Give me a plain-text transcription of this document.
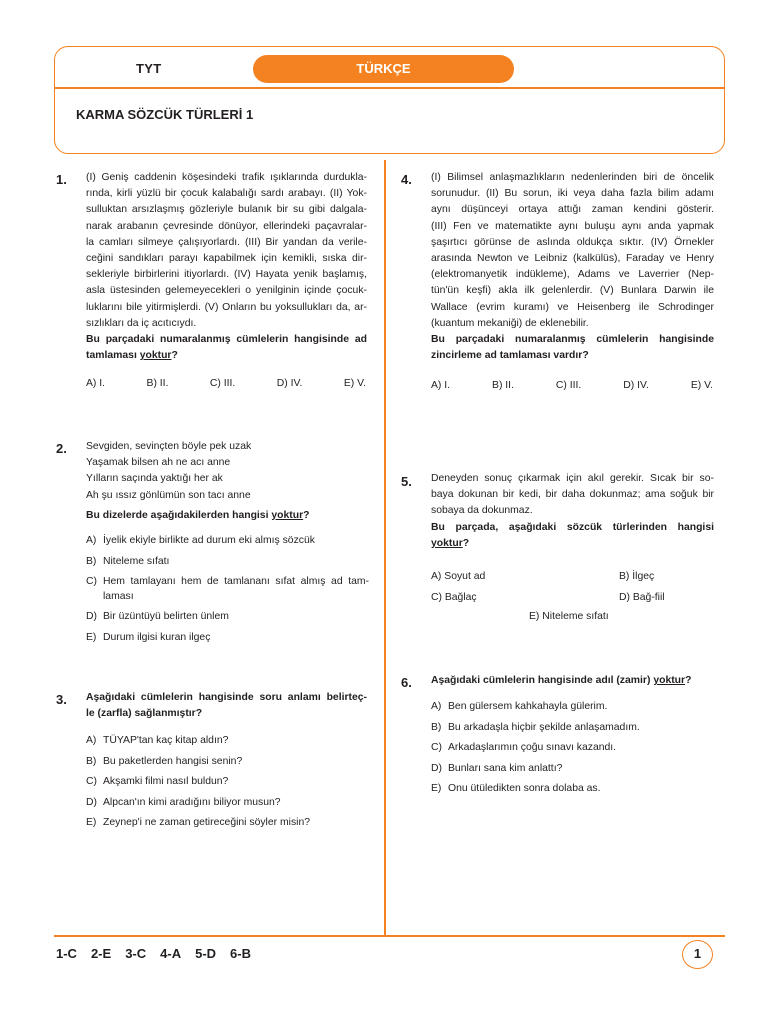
TYT	TÜRKÇE
KARMA SÖZCÜK TÜRLERİ 1
1. (I) Geniş caddenin köşesindeki trafik ışıklarında durdukla-

rında, kirli yüzlü bir çocuk kalabalığı sardı arabayı. (II) Yok-

sulluktan arsızlaşmış gözleriyle bulanık bir su gibi dalgala-

narak arabanın çevresinde dönüyor, ellerindeki paçavralar-

la camları silmeye çalışıyorlardı. (III) Bir yandan da verile-

ceğini sandıkları parayı kapabilmek için kemikli, sıska dir-

sekleriyle birbirlerini itiyorlardı. (IV) Hayata yenik başlamış,

asla üstesinden gelemeyecekleri o yenilginin içinde çocuk-

luklarını bile yitirmişlerdi. (V) Onların bu yoksullukları da, ar-

sızlıkları da iç acıtıcıydı.

Bu parçadaki numaralanmış cümlelerin hangisinde ad tamlaması yoktur?

A) I.	B) II.	C) III.	D) IV.	E) V.
2. Sevgiden, sevinçten böyle pek uzak

Yaşamak bilsen ah ne acı anne

Yılların saçında yaktığı her ak

Ah şu ıssız gönlümün son tacı anne

Bu dizelerde aşağıdakilerden hangisi yoktur?

A) İyelik ekiyle birlikte ad durum eki almış sözcük
B) Niteleme sıfatı
C) Hem tamlayanı hem de tamlananı sıfat almış ad tam-laması
D) Bir üzüntüyü belirten ünlem
E) Durum ilgisi kuran ilgeç
3. Aşağıdaki cümlelerin hangisinde soru anlamı belirteç-

le (zarfla) sağlanmıştır?

A) TÜYAP'tan kaç kitap aldın?
B) Bu paketlerden hangisi senin?
C) Akşamki filmi nasıl buldun?
D) Alpcan'ın kimi aradığını biliyor musun?
E) Zeynep'i ne zaman getireceğini söyler misin?
4. (I) Bilimsel anlaşmazlıkların nedenlerinden biri de öncelik

sorunudur. (II) Bu sorun, iki veya daha fazla bilim adamı

aynı düşünceyi ortaya attığı zaman kendini gösterir.

(III) Fen ve matematikte aynı buluşu aynı anda yapmak

şaşırtıcı görünse de aslında oldukça sıktır. (IV) Örnekler

arasında Newton ve Leibniz (kalkülüs), Faraday ve Henry

(elektromanyetik indükleme), Adams ve Laverrier (Nep-

tün'ün keşfi) akla ilk gelenlerdir. (V) Bunlara Darwin ile

Wallace (evrim kuramı) ve Heisenberg ile Schrodinger

(kuantum mekaniği) de eklenebilir.

Bu parçadaki numaralanmış cümlelerin hangisinde

zincirleme ad tamlaması vardır?

A) I.	B) II.	C) III.	D) IV.	E) V.
5. Deneyden sonuç çıkarmak için akıl gerekir. Sıcak bir so-

baya dokunan bir kedi, bir daha dokunmaz; ama soğuk bir

sobaya da dokunmaz.

Bu parçada, aşağıdaki sözcük türlerinden hangisi

yoktur?

A) Soyut ad	B) İlgeç
C) Bağlaç	D) Bağ-fiil
E) Niteleme sıfatı
6. Aşağıdaki cümlelerin hangisinde adıl (zamir) yoktur?

A) Ben gülersem kahkahayla gülerim.
B) Bu arkadaşla hiçbir şekilde anlaşamadım.
C) Arkadaşlarımın çoğu sınavı kazandı.
D) Bunları sana kim anlattı?
E) Onu ütüledikten sonra dolaba as.
1-C 2-E 3-C 4-A 5-D 6-B	1
